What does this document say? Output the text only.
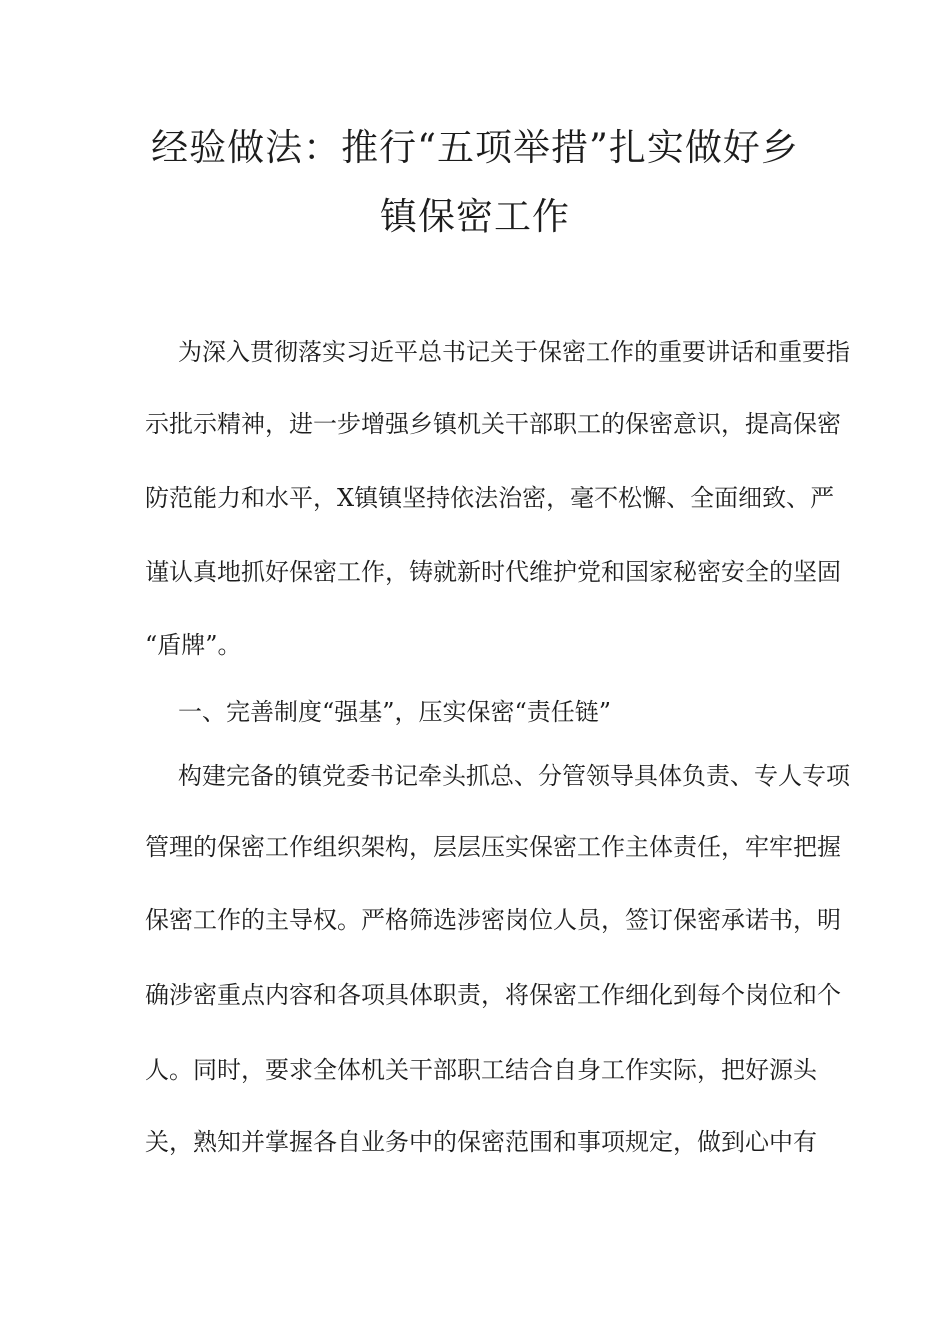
经验做法：推行“五项举措”扎实做好乡
镇保密工作
为深入贯彻落实习近平总书记关于保密工作的重要讲话和重要指
示批示精神，进一步增强乡镇机关干部职工的保密意识，提高保密
防范能力和水平，X镇镇坚持依法治密，毫不松懈、全面细致、严
谨认真地抓好保密工作，铸就新时代维护党和国家秘密安全的坚固
“盾牌”。
一、完善制度“强基”，压实保密“责任链”
构建完备的镇党委书记牵头抓总、分管领导具体负责、专人专项
管理的保密工作组织架构，层层压实保密工作主体责任，牢牢把握
保密工作的主导权。严格筛选涉密岗位人员，签订保密承诺书，明
确涉密重点内容和各项具体职责，将保密工作细化到每个岗位和个
人。同时，要求全体机关干部职工结合自身工作实际，把好源头
关，熟知并掌握各自业务中的保密范围和事项规定，做到心中有
